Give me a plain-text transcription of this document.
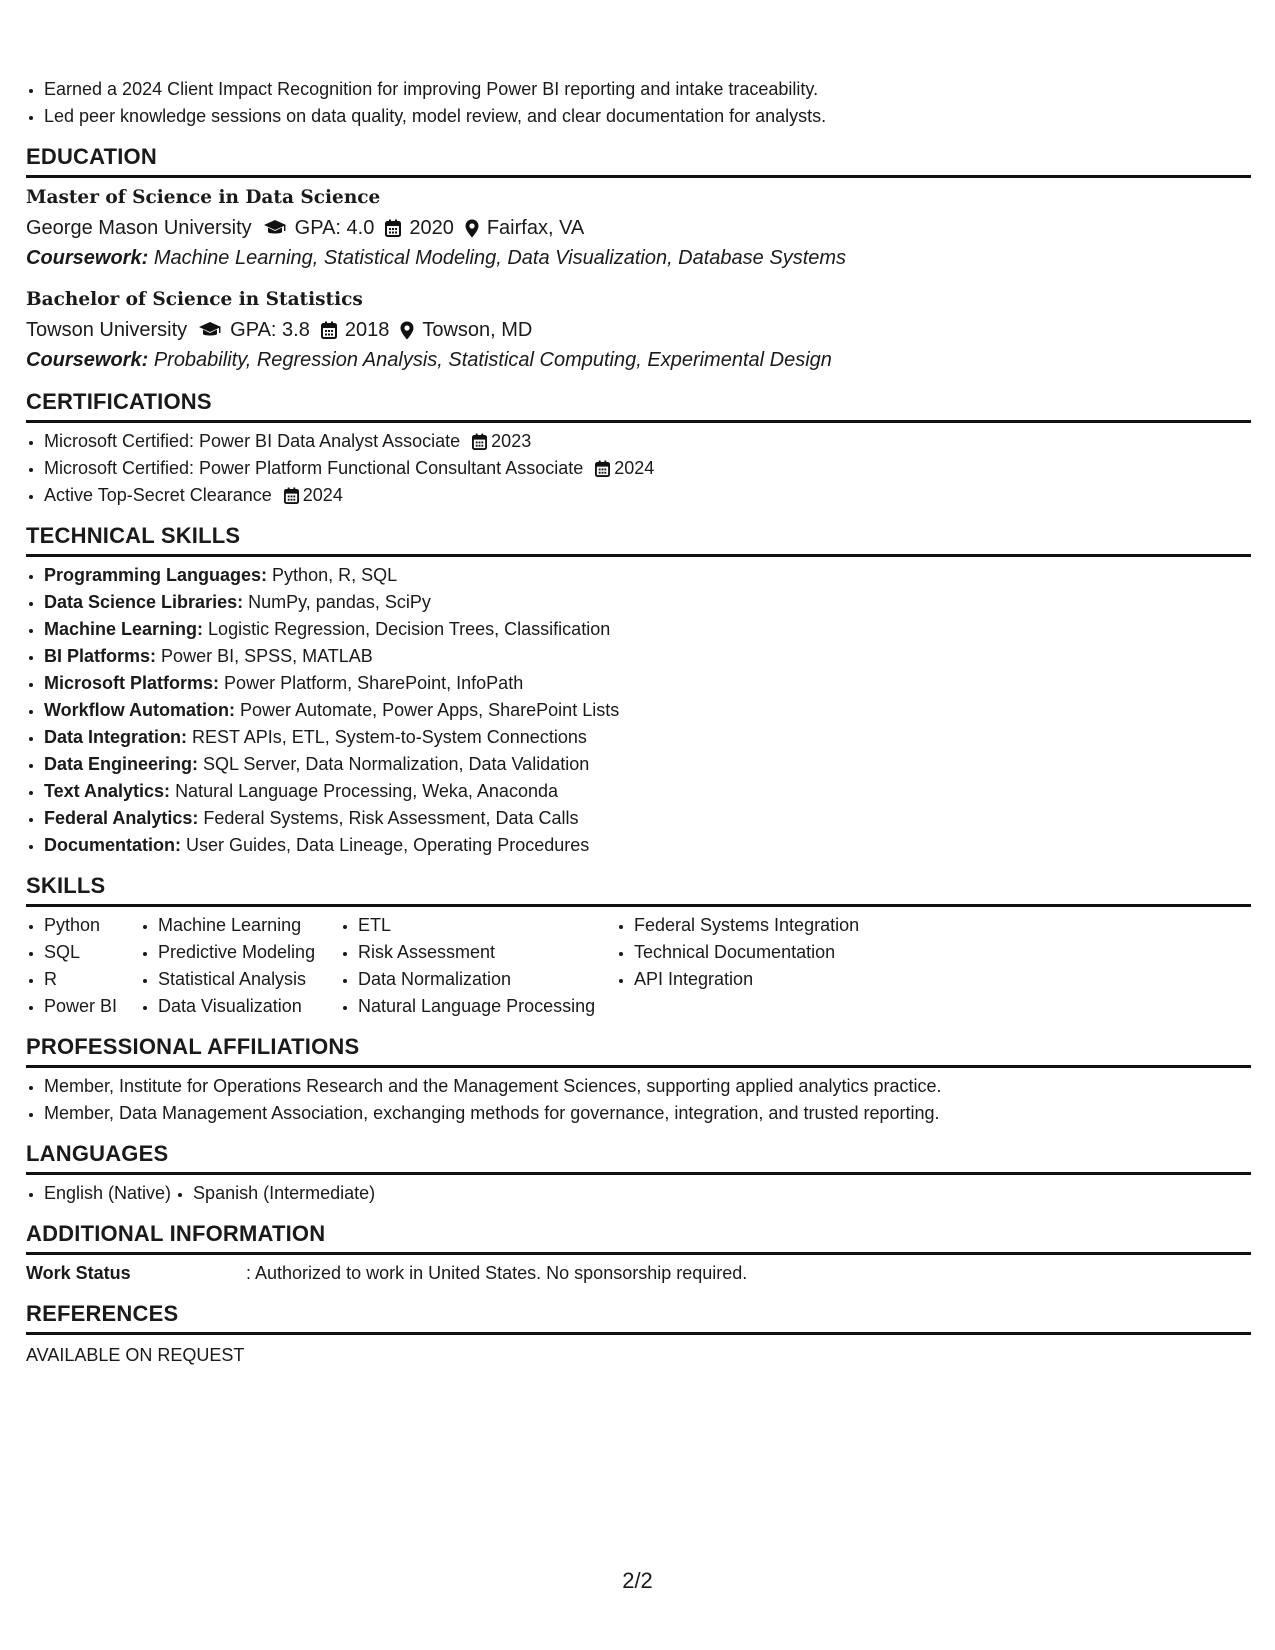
• Earned a 2024 Client Impact Recognition for improving Power BI reporting and intake traceability.
• Led peer knowledge sessions on data quality, model review, and clear documentation for analysts.
EDUCATION
Master of Science in Data Science
George Mason University GPA: 4.0 2020 Fairfax, VA
Coursework: Machine Learning, Statistical Modeling, Data Visualization, Database Systems
Bachelor of Science in Statistics
Towson University GPA: 3.8 2018 Towson, MD
Coursework: Probability, Regression Analysis, Statistical Computing, Experimental Design
CERTIFICATIONS
• Microsoft Certified: Power BI Data Analyst Associate 2023
• Microsoft Certified: Power Platform Functional Consultant Associate 2024
• Active Top-Secret Clearance 2024
TECHNICAL SKILLS
• Programming Languages: Python, R, SQL
• Data Science Libraries: NumPy, pandas, SciPy
• Machine Learning: Logistic Regression, Decision Trees, Classification
• BI Platforms: Power BI, SPSS, MATLAB
• Microsoft Platforms: Power Platform, SharePoint, InfoPath
• Workflow Automation: Power Automate, Power Apps, SharePoint Lists
• Data Integration: REST APIs, ETL, System-to-System Connections
• Data Engineering: SQL Server, Data Normalization, Data Validation
• Text Analytics: Natural Language Processing, Weka, Anaconda
• Federal Analytics: Federal Systems, Risk Assessment, Data Calls
• Documentation: User Guides, Data Lineage, Operating Procedures
SKILLS
• Python
• SQL
• R
• Power BI
• Machine Learning
• Predictive Modeling
• Statistical Analysis
• Data Visualization
• ETL
• Risk Assessment
• Data Normalization
• Natural Language Processing
• Federal Systems Integration
• Technical Documentation
• API Integration
PROFESSIONAL AFFILIATIONS
• Member, Institute for Operations Research and the Management Sciences, supporting applied analytics practice.
• Member, Data Management Association, exchanging methods for governance, integration, and trusted reporting.
LANGUAGES
• English (Native)
• Spanish (Intermediate)
ADDITIONAL INFORMATION
Work Status	: Authorized to work in United States. No sponsorship required.
REFERENCES
AVAILABLE ON REQUEST
2/2
